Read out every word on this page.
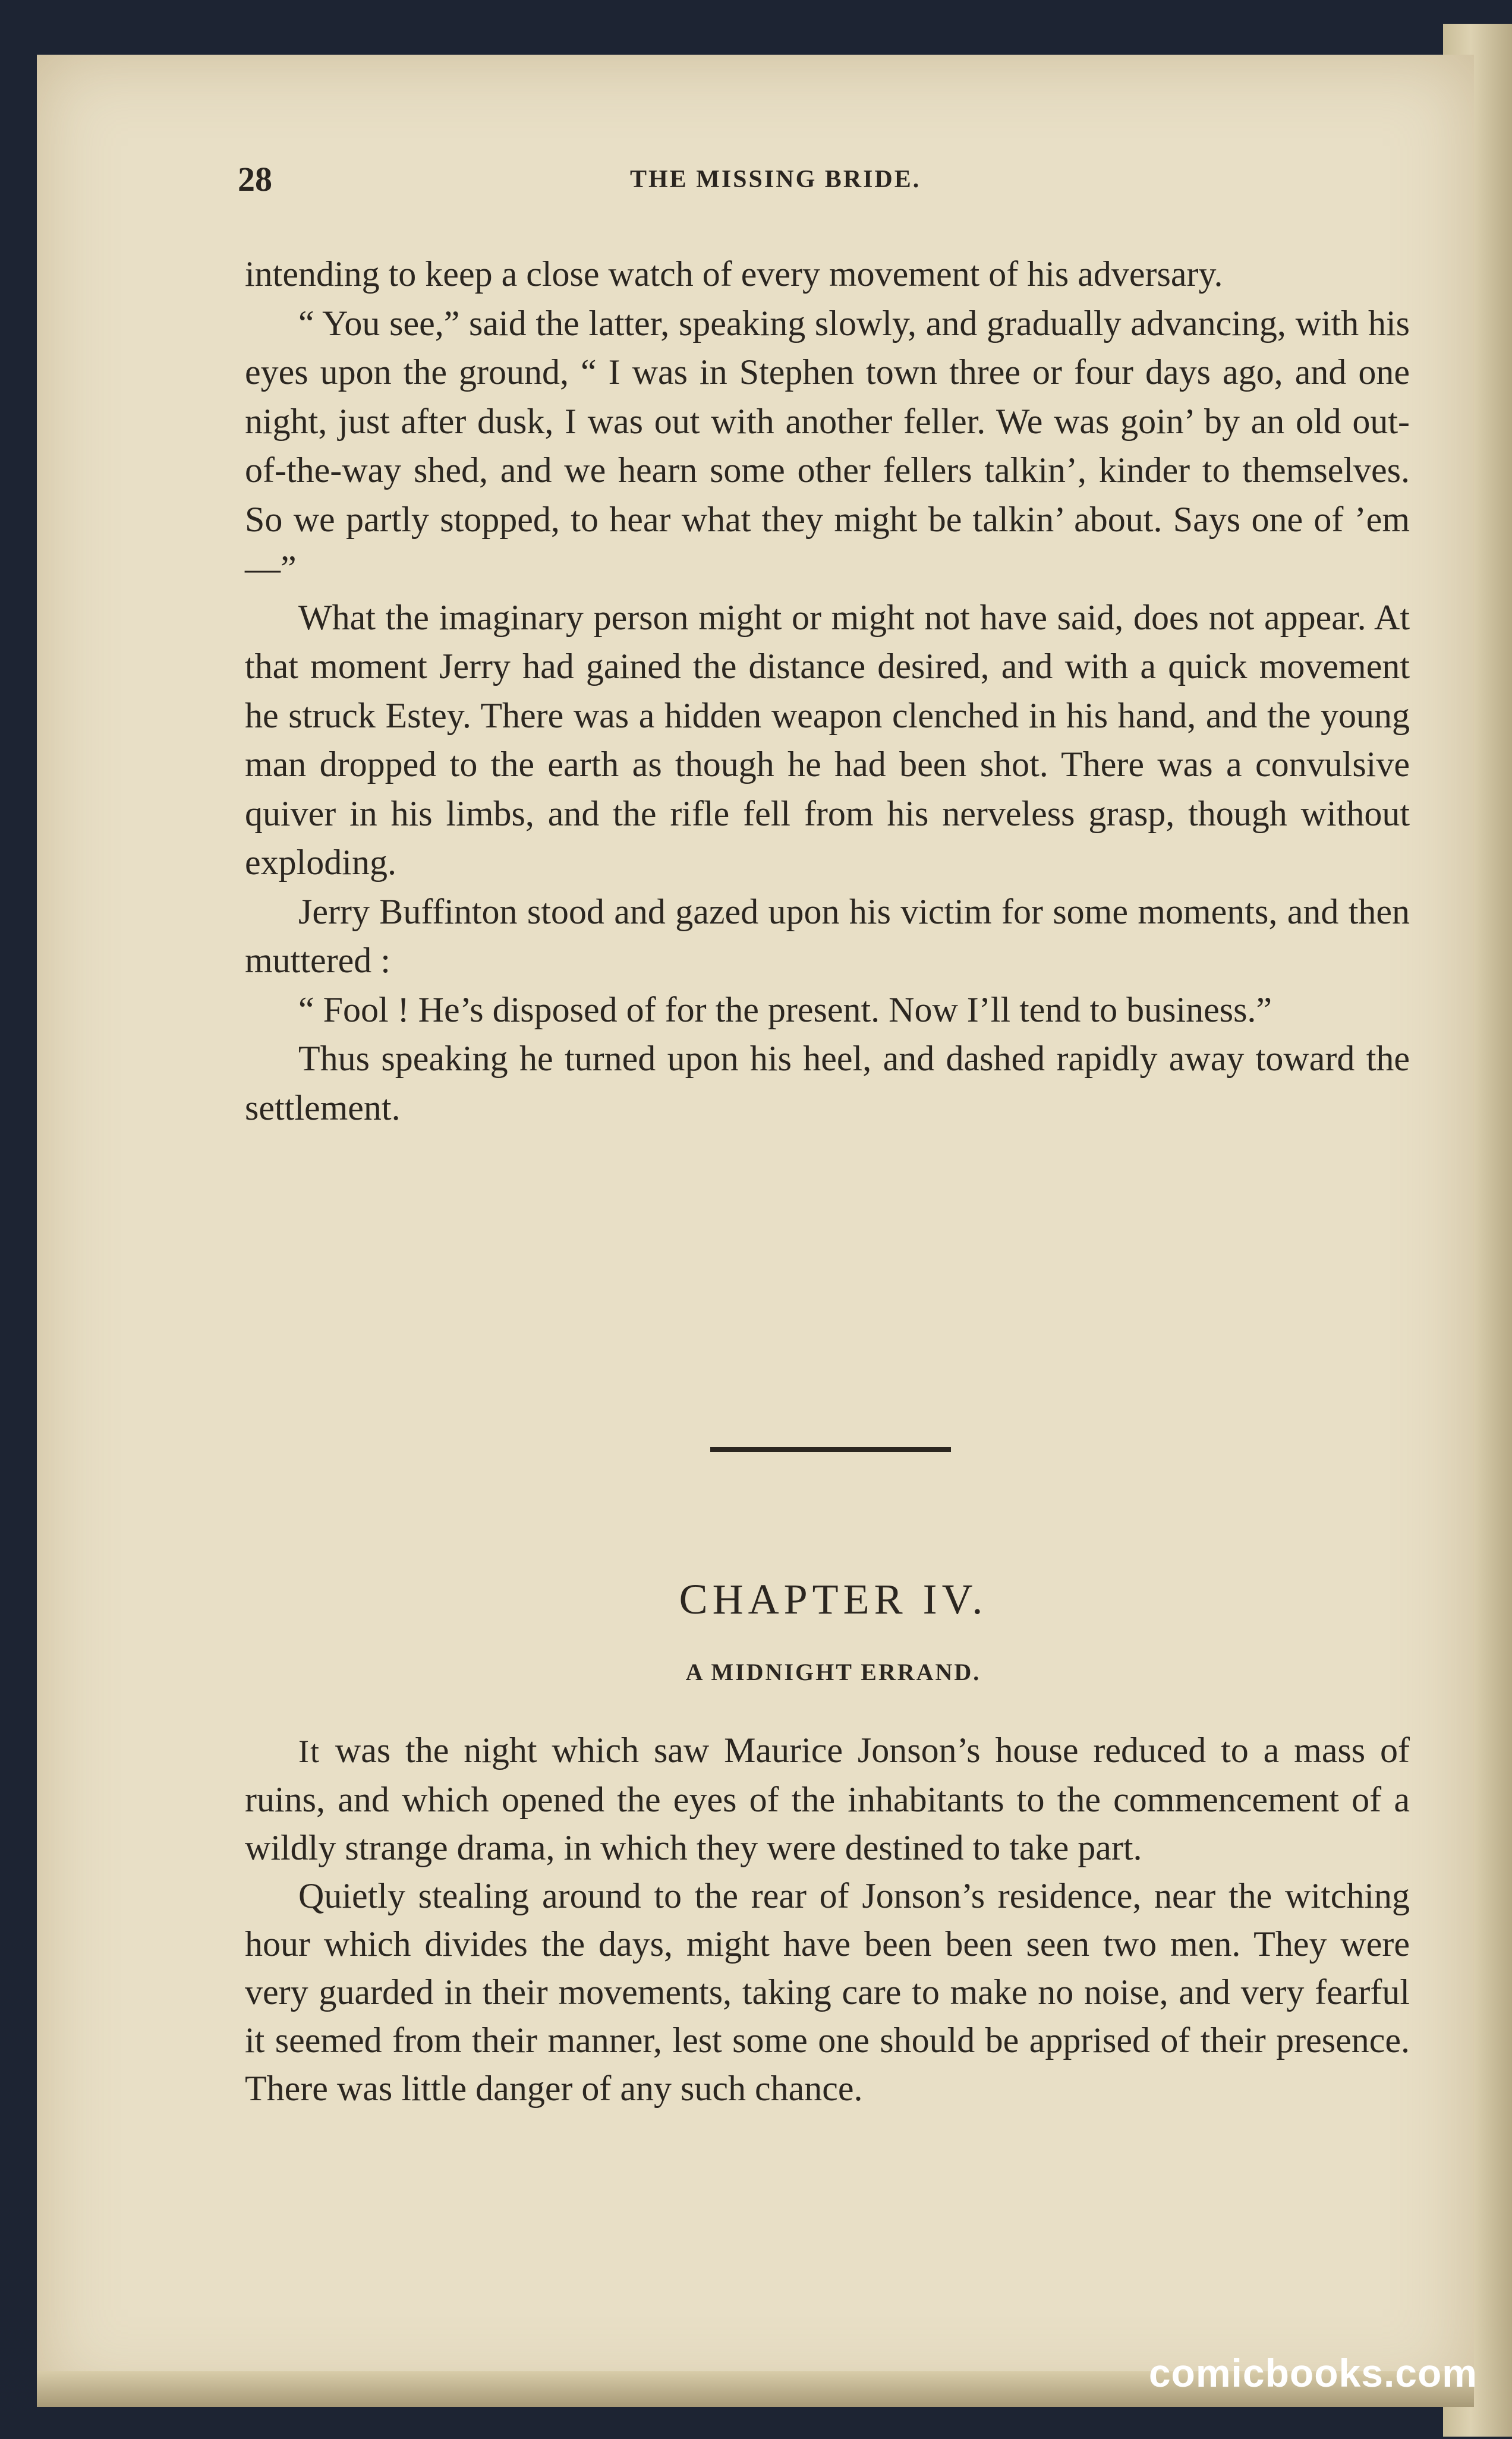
28	THE MISSING BRIDE.

intending to keep a close watch of every movement of his adversary.

“ You see,” said the latter, speaking slowly, and gradually advancing, with his eyes upon the ground, “ I was in Stephen town three or four days ago, and one night, just after dusk, I was out with another feller. We was goin’ by an old out-of-the-way shed, and we hearn some other fellers talkin’, kinder to themselves. So we partly stopped, to hear what they might be talkin’ about. Says one of ’em—”

What the imaginary person might or might not have said, does not appear. At that moment Jerry had gained the distance desired, and with a quick movement he struck Estey. There was a hidden weapon clenched in his hand, and the young man dropped to the earth as though he had been shot. There was a convulsive quiver in his limbs, and the rifle fell from his nerveless grasp, though without exploding.

Jerry Buffinton stood and gazed upon his victim for some moments, and then muttered :

“ Fool ! He’s disposed of for the present. Now I’ll tend to business.”

Thus speaking he turned upon his heel, and dashed rapidly away toward the settlement.

CHAPTER IV.
A MIDNIGHT ERRAND.

It was the night which saw Maurice Jonson’s house reduced to a mass of ruins, and which opened the eyes of the inhabitants to the commencement of a wildly strange drama, in which they were destined to take part.

Quietly stealing around to the rear of Jonson’s residence, near the witching hour which divides the days, might have been been seen two men. They were very guarded in their movements, taking care to make no noise, and very fearful it seemed from their manner, lest some one should be apprised of their presence. There was little danger of any such chance.

comicbooks.com
